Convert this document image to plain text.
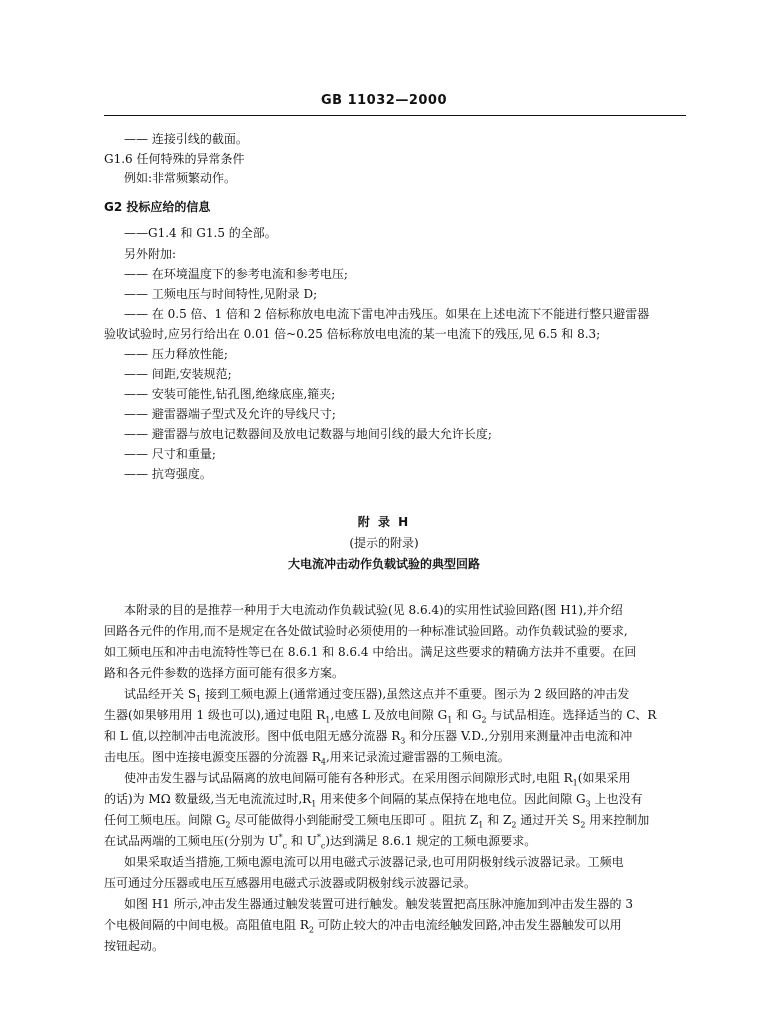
GB 11032—2000
—— 连接引线的截面。
G1.6 任何特殊的异常条件
例如:非常频繁动作。
G2 投标应给的信息
——G1.4 和 G1.5 的全部。
另外附加:
—— 在环境温度下的参考电流和参考电压;
—— 工频电压与时间特性,见附录 D;
—— 在 0.5 倍、1 倍和 2 倍标称放电电流下雷电冲击残压。如果在上述电流下不能进行整只避雷器
验收试验时,应另行给出在 0.01 倍~0.25 倍标称放电电流的某一电流下的残压,见 6.5 和 8.3;
—— 压力释放性能;
—— 间距,安装规范;
—— 安装可能性,钻孔图,绝缘底座,箍夹;
—— 避雷器端子型式及允许的导线尺寸;
—— 避雷器与放电记数器间及放电记数器与地间引线的最大允许长度;
—— 尺寸和重量;
—— 抗弯强度。
附 录 H
(提示的附录)
大电流冲击动作负载试验的典型回路
本附录的目的是推荐一种用于大电流动作负载试验(见 8.6.4)的实用性试验回路(图 H1),并介绍
回路各元件的作用,而不是规定在各处做试验时必须使用的一种标准试验回路。动作负载试验的要求,
如工频电压和冲击电流特性等已在 8.6.1 和 8.6.4 中给出。满足这些要求的精确方法并不重要。在回
路和各元件参数的选择方面可能有很多方案。
试品经开关 $S_1$ 接到工频电源上(通常通过变压器),虽然这点并不重要。图示为 2 级回路的冲击发
生器(如果够用用 1 级也可以),通过电阻 $R_1$,电感 L 及放电间隙 $G_1$ 和 $G_2$ 与试品相连。选择适当的 C、R
和 L 值,以控制冲击电流波形。图中低电阻无感分流器 $R_3$ 和分压器 V.D.,分别用来测量冲击电流和冲
击电压。图中连接电源变压器的分流器 $R_4$,用来记录流过避雷器的工频电流。
使冲击发生器与试品隔离的放电间隔可能有各种形式。在采用图示间隙形式时,电阻 $R_1$(如果采用
的话)为 MΩ 数量级,当无电流流过时$,R_1$ 用来使多个间隔的某点保持在地电位。因此间隙 $G_3$ 上也没有
任何工频电压。间隙 $G_2$ 尽可能做得小到能耐受工频电压即可 。阻抗 $Z_1$ 和 $Z_2$ 通过开关 $S_2$ 用来控制加
在试品两端的工频电压(分别为 $U^*_c$ 和 $U^*_c$)达到满足 8.6.1 规定的工频电源要求。
如果采取适当措施,工频电源电流可以用电磁式示波器记录,也可用阴极射线示波器记录。工频电
压可通过分压器或电压互感器用电磁式示波器或阴极射线示波器记录。
如图 H1 所示,冲击发生器通过触发装置可进行触发。触发装置把高压脉冲施加到冲击发生器的 3
个电极间隔的中间电极。高阻值电阻 $R_2$ 可防止较大的冲击电流经触发回路,冲击发生器触发可以用
按钮起动。
